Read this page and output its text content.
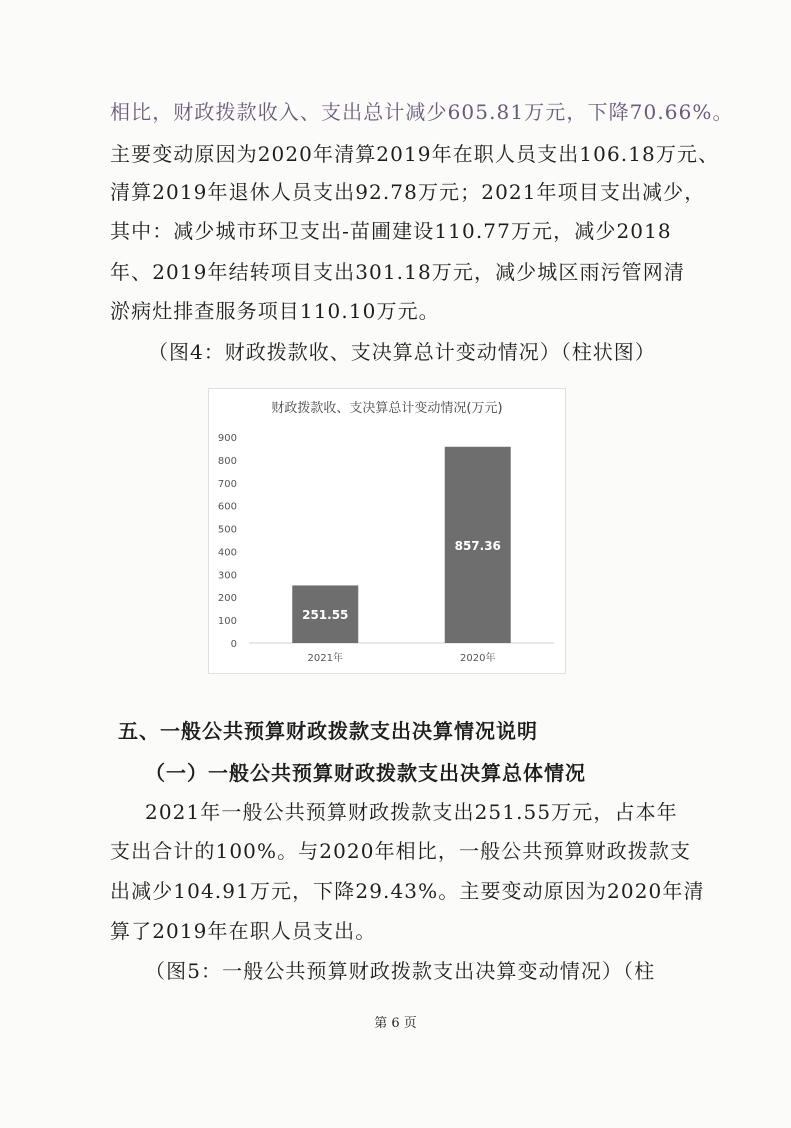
相比，财政拨款收入、支出总计减少605.81万元，下降70.66%。
主要变动原因为2020年清算2019年在职人员支出106.18万元、
清算2019年退休人员支出92.78万元；2021年项目支出减少，
其中：减少城市环卫支出-苗圃建设110.77万元，减少2018
年、2019年结转项目支出301.18万元，减少城区雨污管网清
淤病灶排查服务项目110.10万元。
（图4：财政拨款收、支决算总计变动情况）（柱状图）
财政拨款收、支决算总计变动情况(万元)
0
100
200
300
400
500
600
700
800
900
251.55
2021年
857.36
2020年
五、一般公共预算财政拨款支出决算情况说明
（一）一般公共预算财政拨款支出决算总体情况
2021年一般公共预算财政拨款支出251.55万元，占本年
支出合计的100%。与2020年相比，一般公共预算财政拨款支
出减少104.91万元，下降29.43%。主要变动原因为2020年清
算了2019年在职人员支出。
（图5：一般公共预算财政拨款支出决算变动情况）（柱
第 6 页
